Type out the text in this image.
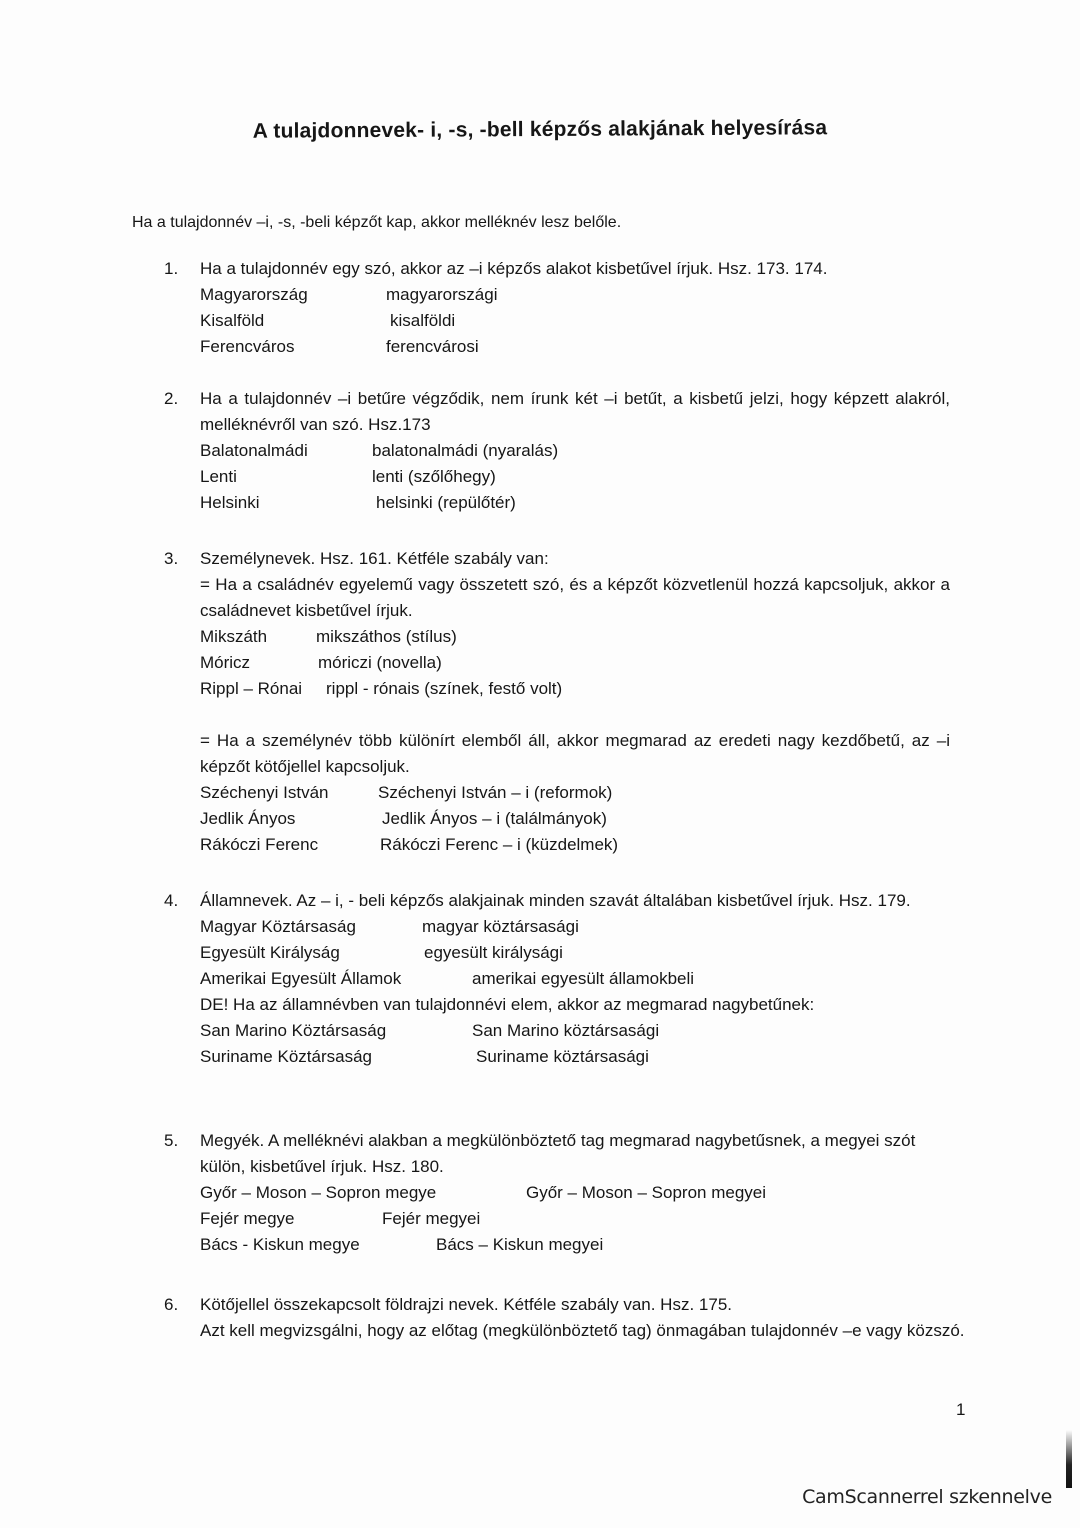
A tulajdonnevek- i, -s, -bell képzős alakjának helyesírása
Ha a tulajdonnév –i, -s, -beli képzőt kap, akkor melléknév lesz belőle.
1.	Ha a tulajdonnév egy szó, akkor az –i képzős alakot kisbetűvel írjuk. Hsz. 173. 174.
Magyarország	magyarországi
Kisalföld	kisalföldi
Ferencváros	ferencvárosi
2.	Ha a tulajdonnév –i betűre végződik, nem írunk két –i betűt, a kisbetű jelzi, hogy képzett alakról, melléknévről van szó. Hsz.173
Balatonalmádi	balatonalmádi (nyaralás)
Lenti	lenti (szőlőhegy)
Helsinki	helsinki (repülőtér)
3.	Személynevek. Hsz. 161. Kétféle szabály van:
= Ha a családnév egyelemű vagy összetett szó, és a képzőt közvetlenül hozzá kapcsoljuk, akkor a családnevet kisbetűvel írjuk.
Mikszáth	mikszáthos (stílus)
Móricz	móriczi (novella)
Rippl – Rónai	rippl - rónais (színek, festő volt)
= Ha a személynév több különírt elemből áll, akkor megmarad az eredeti nagy kezdőbetű, az –i képzőt kötőjellel kapcsoljuk.
Széchenyi István	Széchenyi István – i (reformok)
Jedlik Ányos	Jedlik Ányos – i (találmányok)
Rákóczi Ferenc	Rákóczi Ferenc – i (küzdelmek)
4.	Államnevek. Az – i, - beli képzős alakjainak minden szavát általában kisbetűvel írjuk. Hsz. 179.
Magyar Köztársaság	magyar köztársasági
Egyesült Királyság	egyesült királysági
Amerikai Egyesült Államok	amerikai egyesült államokbeli
DE! Ha az államnévben van tulajdonnévi elem, akkor az megmarad nagybetűnek:
San Marino Köztársaság	San Marino köztársasági
Suriname Köztársaság	Suriname köztársasági
5.	Megyék. A melléknévi alakban a megkülönböztető tag megmarad nagybetűsnek, a megyei szót külön, kisbetűvel írjuk. Hsz. 180.
Győr – Moson – Sopron megye	Győr – Moson – Sopron megyei
Fejér megye	Fejér megyei
Bács - Kiskun megye	Bács – Kiskun megyei
6.	Kötőjellel összekapcsolt földrajzi nevek. Kétféle szabály van. Hsz. 175.
Azt kell megvizsgálni, hogy az előtag (megkülönböztető tag) önmagában tulajdonnév –e vagy közszó.
1
CamScannerrel szkennelve
